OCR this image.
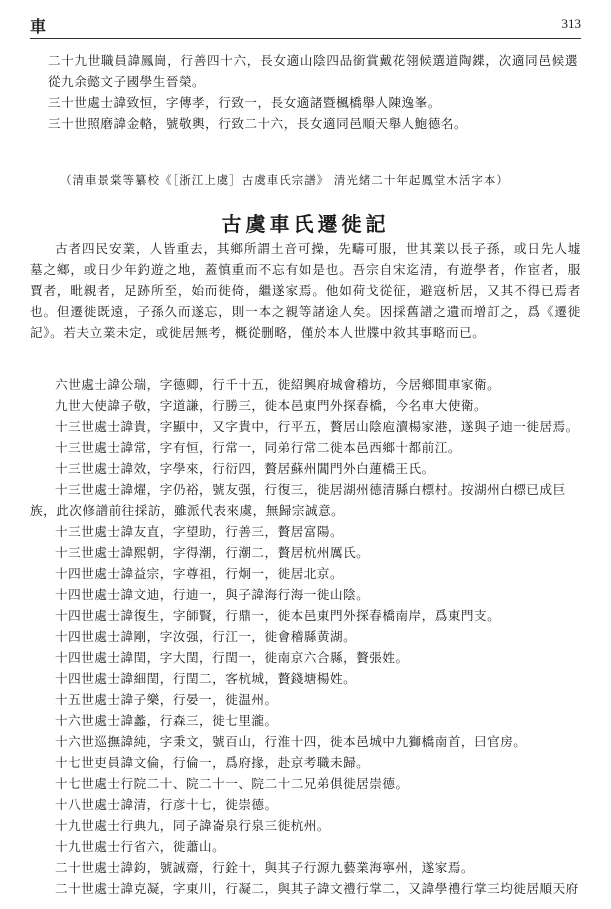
車	313

二十九世職員諱鳳崗，行善四十六，長女適山陰四品銜賞戴花翎候選道陶鍱，次適同邑候選從九余懿文子國學生晉榮。

三十世處士諱致恒，字傳孝，行致一，長女適諸暨楓橋舉人陳逸峯。

三十世照磨諱金輅，號敬輿，行致二十六，長女適同邑順天舉人鮑德名。

（清車景棠等纂校《［浙江上虞］古虞車氏宗譜》 清光緒二十年起鳳堂木活字本）
古虞車氏遷徙記

古者四民安業，人皆重去，其鄉所謂土音可操，先疇可服，世其業以長子孫，或日先人墟墓之鄉，或日少年釣遊之地，蓋慎重而不忘有如是也。吾宗自宋迄清，有遊學者，作宦者，服賈者，毗親者，足跡所至，始而徙倚，繼遂家焉。他如荷戈從征，避寇析居，又其不得已焉者也。但遷徙既遠，子孫久而遂忘，則一本之親等諸途人矣。因採舊譜之遺而增訂之，爲《遷徙記》。若夫立業未定，或徙居無考，概從删略，僅於本人世牒中敘其事略而已。

六世處士諱公瑞，字德卿，行千十五，徙紹興府城會稽坊，今居鄉間車家衛。

九世大使諱子敬，字道謙，行勝三，徙本邑東門外探春橋，今名車大使衛。

十三世處士諱貴，字顯中，又字貴中，行平五，贅居山陰庖瀆楊家港，遂與子迪一徙居焉。

十三世處士諱常，字有恒，行常一，同弟行常二徙本邑西鄉十都前江。

十三世處士諱效，字學來，行衍四，贅居蘇州閶門外白蓮橋王氏。

十三世處士諱燿，字仍裕，號友强，行復三，徙居湖州德清縣白標村。按湖州白標已成巨族，此次修譜前往採訪，雖派代表來虞，無歸宗誠意。

十三世處士諱友直，字望助，行善三，贅居富陽。

十三世處士諱熙朝，字得潮，行潮二，贅居杭州厲氏。

十四世處士諱益宗，字尊祖，行炯一，徙居北京。

十四世處士諱文迪，行迪一，與子諱海行海一徙山陰。

十四世處士諱復生，字師賢，行鼎一，徙本邑東門外探春橋南岸，爲東門支。

十四世處士諱剛，字汝强，行江一，徙會稽縣黄湖。

十四世處士諱閏，字大閏，行閏一，徙南京六合縣，贅張姓。

十四世處士諱細閏，行閏二，客杭城，贅錢塘楊姓。

十五世處士諱子樂，行晏一，徙温州。

十六世處士諱蠡，行森三，徙七里瀧。

十六世巡撫諱純，字秉文，號百山，行淮十四，徙本邑城中九獅橋南首，曰官房。

十七世吏員諱文倫，行倫一，爲府掾，赴京考職未歸。

十七世處士行院二十、院二十一、院二十二兄弟俱徙居崇德。

十八世處士諱清，行彦十七，徙崇德。

十九世處士行典九，同子諱崙泉行泉三徙杭州。

十九世處士行省六，徙蕭山。

二十世處士諱鈞，號誠齋，行銓十，與其子行源九藝業海寧州，遂家焉。

二十世處士諱克凝，字東川，行凝二，與其子諱文禮行掌二，又諱學禮行掌三均徙居順天府
